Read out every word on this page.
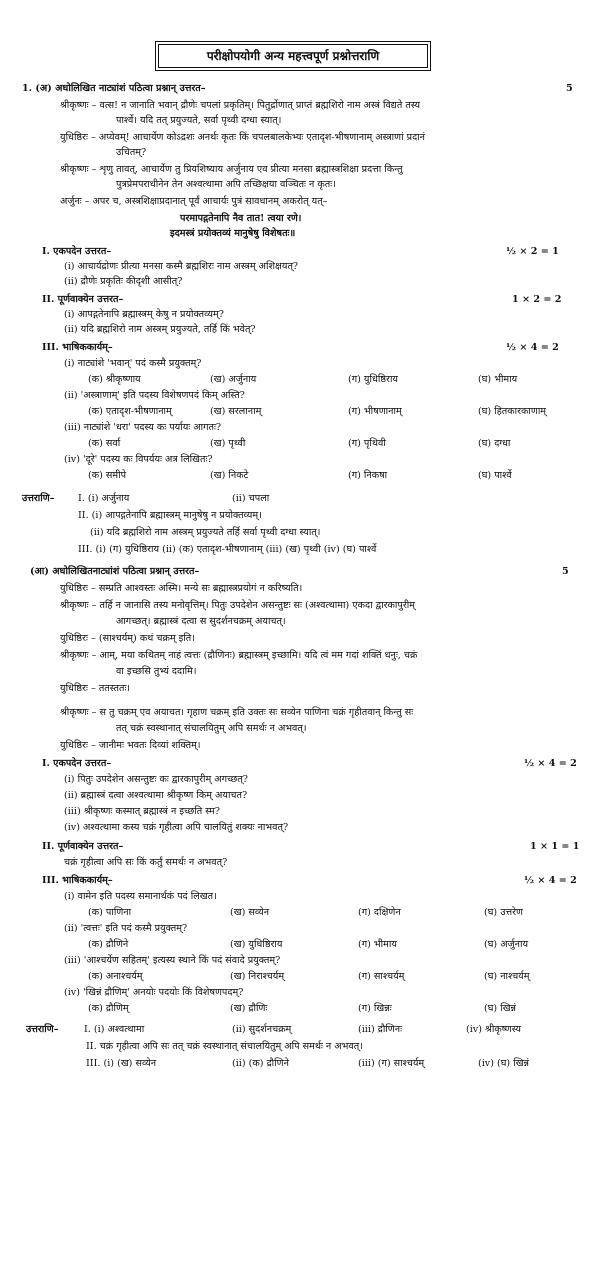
परीक्षोपयोगी अन्य महत्त्वपूर्ण प्रश्नोत्तराणि
1. (अ) अधोलिखित नाट्यांशं पठित्वा प्रश्नान् उत्तरत–	5
श्रीकृष्णः – वत्स! न जानाति भवान् द्रौणेः चपलां प्रकृतिम्। पितुर्द्रोणात् प्राप्तं ब्रह्मशिरो नाम अस्त्रं विद्यते तस्य
पार्श्वे। यदि तत् प्रयुज्यते, सर्वा पृथ्वी दग्धा स्यात्।
युधिष्ठिरः – अप्येवम्! आचार्येण कोऽद्रशः अनर्थः कृतः किं चपलबालकेभ्यः एतादृश-भीषणानाम् अस्त्राणां प्रदानं
उचितम्?
श्रीकृष्णः – शृणु तावत्, आचार्येण तु प्रियशिष्याय अर्जुनाय एव प्रीत्या मनसा ब्रह्मास्त्रशिक्षा प्रदत्ता किन्तु
पुत्रप्रेमपराधीनेन तेन अश्वत्थामा अपि तच्छिक्षया वञ्चितः न कृतः।
अर्जुनः – अपर च, अस्त्रशिक्षाप्रदानात् पूर्वं आचार्यः पुत्रं सावधानम् अकरोत् यत्–
परमापद्गतेनापि नैव तात! त्वया रणे।
इदमस्त्रं प्रयोक्तव्यं मानुषेषु विशेषतः॥
I. एकपदेन उत्तरत–	½ × 2 = 1
(i) आचार्यद्रोणः प्रीत्या मनसा कस्मै ब्रह्मशिरः नाम अस्त्रम् अशिक्षयत्?
(ii) द्रौणेः प्रकृतिः कीदृशी आसीत्?
II. पूर्णवाक्येन उत्तरत–	1 × 2 = 2
(i) आपद्गतेनापि ब्रह्मास्त्रम् केषु न प्रयोक्तव्यम्?
(ii) यदि ब्रह्मशिरो नाम अस्त्रम् प्रयुज्यते, तर्हि किं भवेत्?
III. भाषिककार्यम्–	½ × 4 = 2
(i) नाट्यांशे 'भवान्' पदं कस्मै प्रयुक्तम्?
(क) श्रीकृष्णाय	(ख) अर्जुनाय	(ग) युधिष्ठिराय	(घ) भीमाय
(ii) 'अस्त्राणाम्' इति पदस्य विशेषणपदं किम् अस्ति?
(क) एतादृश-भीषणानाम्	(ख) सरलानाम्	(ग) भीषणानाम्	(घ) हितकारकाणाम्
(iii) नाट्यांशे 'धरा' पदस्य कः पर्यायः आगतः?
(क) सर्वा	(ख) पृथ्वी	(ग) पृथिवी	(घ) दग्धा
(iv) 'दूरे' पदस्य कः विपर्ययः अत्र लिखितः?
(क) समीपे	(ख) निकटे	(ग) निकषा	(घ) पार्श्वे
उत्तराणि– I. (i) अर्जुनाय	(ii) चपला
II. (i) आपद्गतेनापि ब्रह्मास्त्रम् मानुषेषु न प्रयोक्तव्यम्।
(ii) यदि ब्रह्मशिरो नाम अस्त्रम् प्रयुज्यते तर्हि सर्वा पृथ्वी दग्धा स्यात्।
III. (i) (ग) युधिष्ठिराय (ii) (क) एतादृश-भीषणानाम् (iii) (ख) पृथ्वी (iv) (घ) पार्श्वे
(आ) अधोलिखितनाट्यांशं पठित्वा प्रश्नान् उत्तरत–	5
युधिष्ठिरः – सम्प्रति आश्वस्तः अस्मि। मन्ये सः ब्रह्मास्त्रप्रयोगं न करिष्यति।
श्रीकृष्णः – तर्हि न जानासि तस्य मनोवृत्तिम्। पितुः उपदेशेन असन्तुष्टः सः (अश्वत्थामा) एकदा द्वारकापुरीम्
आगच्छत्। ब्रह्मास्त्रं दत्वा स सुदर्शनचक्रम् अयाचत्।
युधिष्ठिरः – (साश्चर्यम्) कथं चक्रम् इति।
श्रीकृष्णः – आम्, मया कथितम् नाहं त्वत्तः (द्रौणिनः) ब्रह्मास्त्रम् इच्छामि। यदि त्वं मम गदां शक्तिं धनुः, चक्रं
वा इच्छसि तुभ्यं ददामि।
युधिष्ठिरः – ततस्ततः।
श्रीकृष्णः – स तु चक्रम् एव अयाचत। गृहाण चक्रम् इति उक्तः सः सव्येन पाणिना चक्रं गृहीतवान् किन्तु सः
तत् चक्रं स्वस्थानात् संचालयितुम् अपि समर्थः न अभवत्।
युधिष्ठिरः – जानीमः भवतः दिव्यां शक्तिम्।
I. एकपदेन उत्तरत–	½ × 4 = 2
(i) पितुः उपदेशेन असन्तुष्टः कः द्वारकापुरीम् अगच्छत्?
(ii) ब्रह्मास्त्रं दत्वा अश्वत्थामा श्रीकृष्ण किम् अयाचत?
(iii) श्रीकृष्णः कस्मात् ब्रह्मास्त्रं न इच्छति स्म?
(iv) अश्वत्थामा कस्य चक्रं गृहीत्वा अपि चालयितुं शक्यः नाभवत्?
II. पूर्णवाक्येन उत्तरत–	1 × 1 = 1
चक्रं गृहीत्वा अपि सः किं कर्तुं समर्थः न अभवत्?
III. भाषिककार्यम्–	½ × 4 = 2
(i) वामेन इति पदस्य समानार्थकं पदं लिखत।
(क) पाणिना	(ख) सव्येन	(ग) दक्षिणेन	(घ) उत्तरेण
(ii) 'त्वत्तः' इति पदं कस्मै प्रयुक्तम्?
(क) द्रौणिने	(ख) युधिष्ठिराय	(ग) भीमाय	(घ) अर्जुनाय
(iii) 'आश्चर्येण सहितम्' इत्यस्य स्थाने किं पदं संवादे प्रयुक्तम्?
(क) अनाश्चर्यम्	(ख) निराश्चर्यम्	(ग) साश्चर्यम्	(घ) नाश्चर्यम्
(iv) 'खिन्नं द्रौणिम्' अनयोः पदयोः किं विशेषणपदम्?
(क) द्रौणिम्	(ख) द्रौणिः	(ग) खिन्नः	(घ) खिन्नं
उत्तराणि–	I. (i) अश्वत्थामा	(ii) सुदर्शनचक्रम्	(iii) द्रौणिनः	(iv) श्रीकृष्णस्य
II. चक्रं गृहीत्वा अपि सः तत् चक्रं स्वस्थानात् संचालयितुम् अपि समर्थः न अभवत्।
III. (i) (ख) सव्येन	(ii) (क) द्रौणिने	(iii) (ग) साश्चर्यम्	(iv) (घ) खिन्नं
